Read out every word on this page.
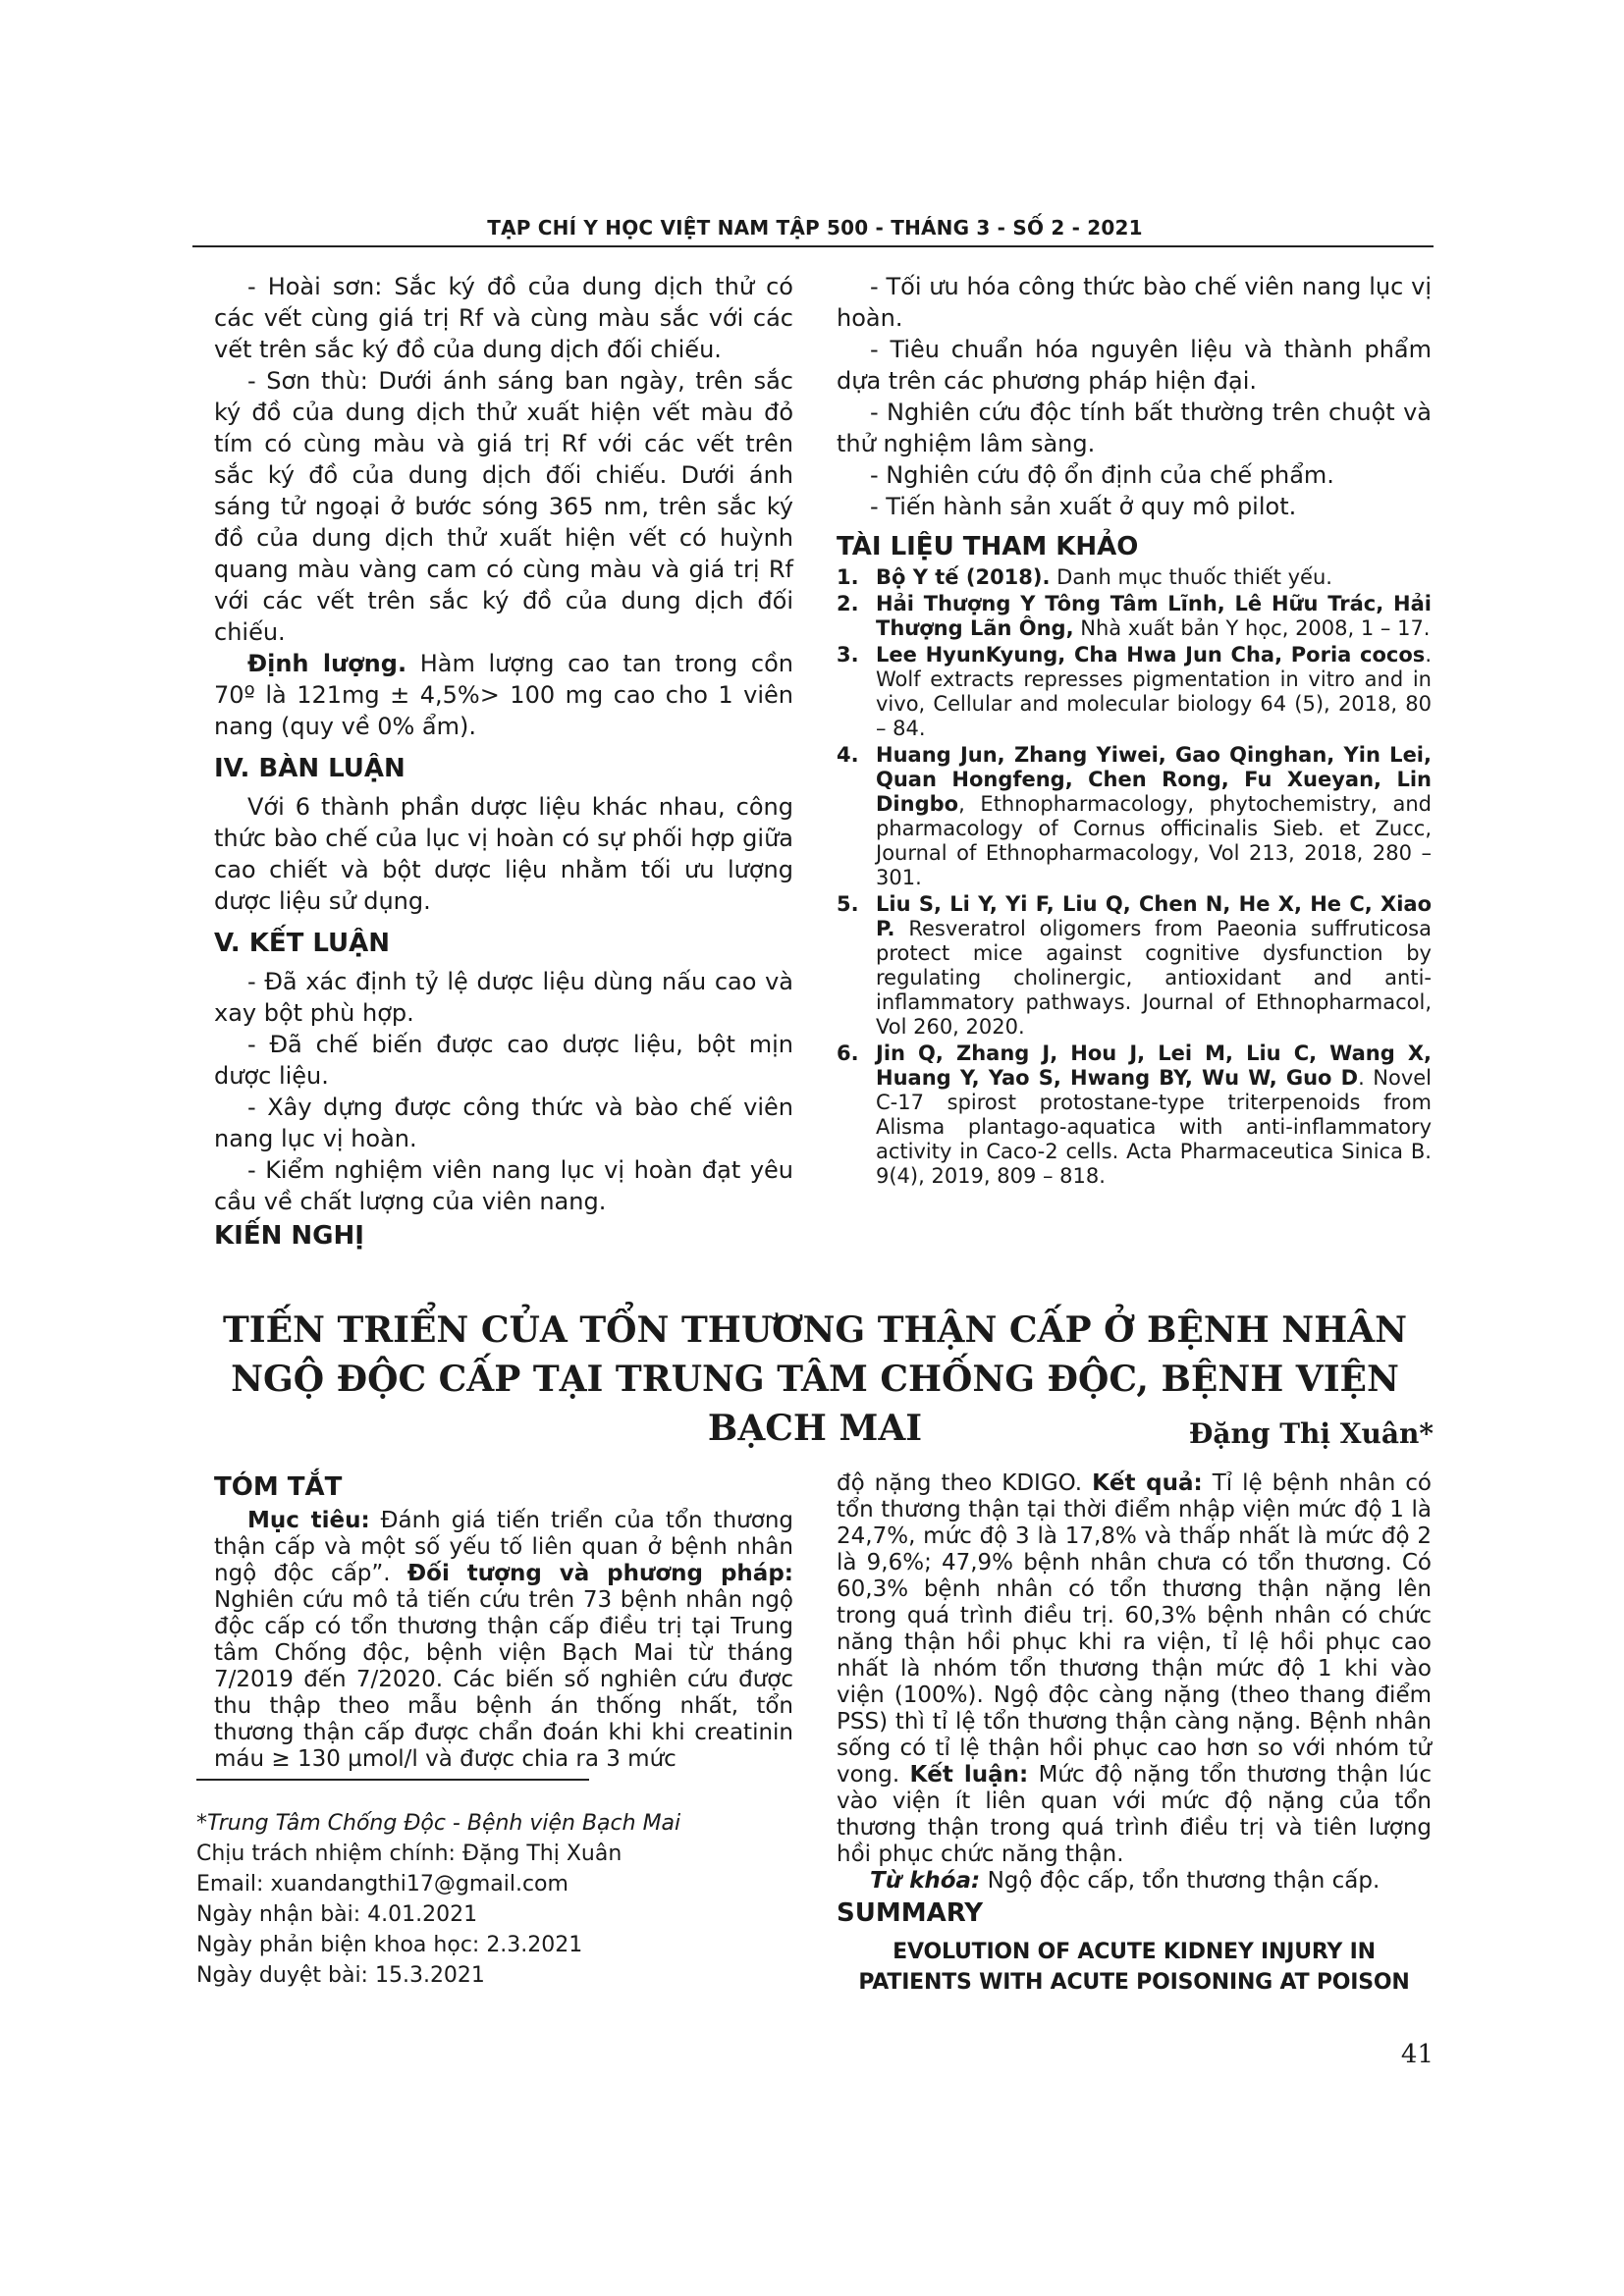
TẠP CHÍ Y HỌC VIỆT NAM TẬP 500 - THÁNG 3 - SỐ 2 - 2021

- Hoài sơn: Sắc ký đồ của dung dịch thử có các vết cùng giá trị Rf và cùng màu sắc với các vết trên sắc ký đồ của dung dịch đối chiếu.

- Sơn thù: Dưới ánh sáng ban ngày, trên sắc ký đồ của dung dịch thử xuất hiện vết màu đỏ tím có cùng màu và giá trị Rf với các vết trên sắc ký đồ của dung dịch đối chiếu. Dưới ánh sáng tử ngoại ở bước sóng 365 nm, trên sắc ký đồ của dung dịch thử xuất hiện vết có huỳnh quang màu vàng cam có cùng màu và giá trị Rf với các vết trên sắc ký đồ của dung dịch đối chiếu.

Định lượng. Hàm lượng cao tan trong cồn 70º là 121mg ± 4,5%> 100 mg cao cho 1 viên nang (quy về 0% ẩm).

IV. BÀN LUẬN

Với 6 thành phần dược liệu khác nhau, công thức bào chế của lục vị hoàn có sự phối hợp giữa cao chiết và bột dược liệu nhằm tối ưu lượng dược liệu sử dụng.

V. KẾT LUẬN

- Đã xác định tỷ lệ dược liệu dùng nấu cao và xay bột phù hợp.

- Đã chế biến được cao dược liệu, bột mịn dược liệu.

- Xây dựng được công thức và bào chế viên nang lục vị hoàn.

- Kiểm nghiệm viên nang lục vị hoàn đạt yêu cầu về chất lượng của viên nang.

KIẾN NGHỊ

- Tối ưu hóa công thức bào chế viên nang lục vị hoàn.

- Tiêu chuẩn hóa nguyên liệu và thành phẩm dựa trên các phương pháp hiện đại.

- Nghiên cứu độc tính bất thường trên chuột và thử nghiệm lâm sàng.

- Nghiên cứu độ ổn định của chế phẩm.

- Tiến hành sản xuất ở quy mô pilot.

TÀI LIỆU THAM KHẢO
1. Bộ Y tế (2018). Danh mục thuốc thiết yếu.
2. Hải Thượng Y Tông Tâm Lĩnh, Lê Hữu Trác, Hải Thượng Lãn Ông, Nhà xuất bản Y học, 2008, 1 – 17.
3. Lee HyunKyung, Cha Hwa Jun Cha, Poria cocos. Wolf extracts represses pigmentation in vitro and in vivo, Cellular and molecular biology 64 (5), 2018, 80 – 84.
4. Huang Jun, Zhang Yiwei, Gao Qinghan, Yin Lei, Quan Hongfeng, Chen Rong, Fu Xueyan, Lin Dingbo, Ethnopharmacology, phytochemistry, and pharmacology of Cornus officinalis Sieb. et Zucc, Journal of Ethnopharmacology, Vol 213, 2018, 280 – 301.
5. Liu S, Li Y, Yi F, Liu Q, Chen N, He X, He C, Xiao P. Resveratrol oligomers from Paeonia suffruticosa protect mice against cognitive dysfunction by regulating cholinergic, antioxidant and anti-inflammatory pathways. Journal of Ethnopharmacol, Vol 260, 2020.
6. Jin Q, Zhang J, Hou J, Lei M, Liu C, Wang X, Huang Y, Yao S, Hwang BY, Wu W, Guo D. Novel C-17 spirost protostane-type triterpenoids from Alisma plantago-aquatica with anti-inflammatory activity in Caco-2 cells. Acta Pharmaceutica Sinica B. 9(4), 2019, 809 – 818.
TIẾN TRIỂN CỦA TỔN THƯƠNG THẬN CẤP Ở BỆNH NHÂN
NGỘ ĐỘC CẤP TẠI TRUNG TÂM CHỐNG ĐỘC, BỆNH VIỆN BẠCH MAI	Đặng Thị Xuân*
TÓM TẮT

Mục tiêu: Đánh giá tiến triển của tổn thương thận cấp và một số yếu tố liên quan ở bệnh nhân ngộ độc cấp”. Đối tượng và phương pháp: Nghiên cứu mô tả tiến cứu trên 73 bệnh nhân ngộ độc cấp có tổn thương thận cấp điều trị tại Trung tâm Chống độc, bệnh viện Bạch Mai từ tháng 7/2019 đến 7/2020. Các biến số nghiên cứu được thu thập theo mẫu bệnh án thống nhất, tổn thương thận cấp được chẩn đoán khi khi creatinin máu ≥ 130 µmol/l và được chia ra 3 mức

*Trung Tâm Chống Độc - Bệnh viện Bạch Mai
Chịu trách nhiệm chính: Đặng Thị Xuân
Email: xuandangthi17@gmail.com
Ngày nhận bài: 4.01.2021
Ngày phản biện khoa học: 2.3.2021
Ngày duyệt bài: 15.3.2021

độ nặng theo KDIGO. Kết quả: Tỉ lệ bệnh nhân có tổn thương thận tại thời điểm nhập viện mức độ 1 là 24,7%, mức độ 3 là 17,8% và thấp nhất là mức độ 2 là 9,6%; 47,9% bệnh nhân chưa có tổn thương. Có 60,3% bệnh nhân có tổn thương thận nặng lên trong quá trình điều trị. 60,3% bệnh nhân có chức năng thận hồi phục khi ra viện, tỉ lệ hồi phục cao nhất là nhóm tổn thương thận mức độ 1 khi vào viện (100%). Ngộ độc càng nặng (theo thang điểm PSS) thì tỉ lệ tổn thương thận càng nặng. Bệnh nhân sống có tỉ lệ thận hồi phục cao hơn so với nhóm tử vong. Kết luận: Mức độ nặng tổn thương thận lúc vào viện ít liên quan với mức độ nặng của tổn thương thận trong quá trình điều trị và tiên lượng hồi phục chức năng thận.

Từ khóa: Ngộ độc cấp, tổn thương thận cấp.

SUMMARY
EVOLUTION OF ACUTE KIDNEY INJURY IN
PATIENTS WITH ACUTE POISONING AT POISON
41
